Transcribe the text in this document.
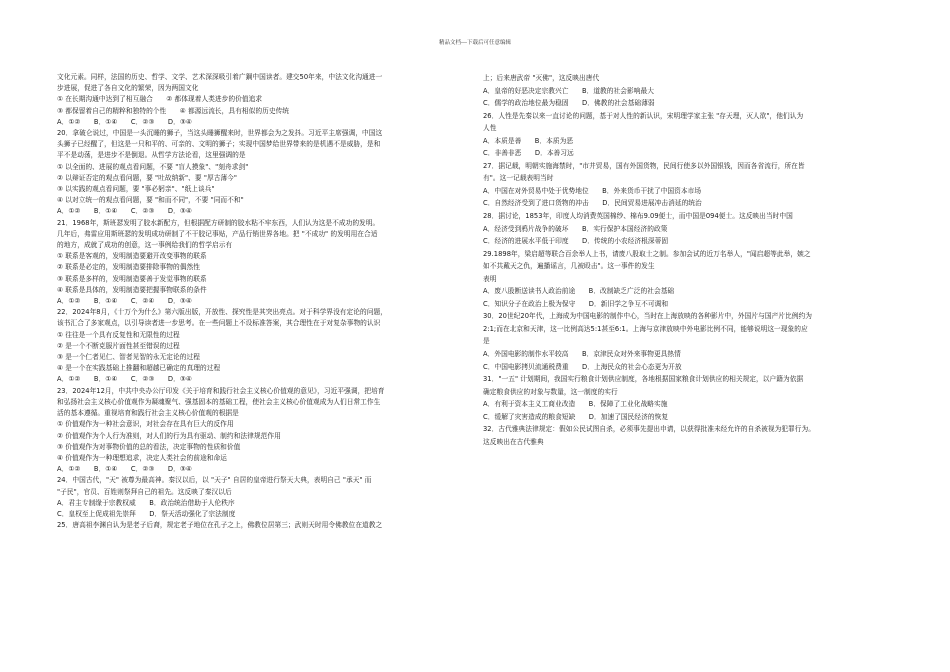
精品文档---下载后可任意编辑
文化元素。同样，法国的历史、哲学、文学、艺术深深吸引着广鋼中国读者。建交50年来，中法文化沟通进一
步进展，促进了各自文化的繁荣，因为两国文化
① 在长期沟通中达到了相互融合　　② 都体现着人类进步的价值追求
③ 都保留着自己的精粹和独特的个性　　④ 都源远流长，具有相似的历史传统
A．①②　　B．①④　　C．②③　　D．③④
20．拿破仑说过，中国是一头沉睡的狮子，当这头睡狮醒来时，世界都会为之发抖。习近平主席强调，中国这
头狮子已经醒了，但这是一只和平的、可亲的、文明的狮子；实现中国梦给世界带来的是机遇不是威胁，是和
平不是动荡，是进步不是倒退。从哲学方法论看，这里强调的是
① 以全面的、进展的观点看问题，不要 "盲人摸象"、"刻舟求剑"
② 以辩证否定的观点看问题，要 "吐故纳新"、要 "厚古薄今"
③ 以实践的观点看问题，要 "事必躬亲"、"纸上谈兵"
④ 以对立统一的观点看问题，要 "和而不同"，不要 "同而不和"
A．①②　　B．①④　　C．②③　　D．③④
21．1968年，斯班瑟发明了胶水新配方，但根据配方研制的胶水粘不牢东西，人们认为这是不成功的发明。
几年后，弗雷应用斯班瑟的发明成功研制了不干胶记事贴，产品行销世界各地。把 "不成功" 的发明用在合适
的地方，成就了成功的创意，这一事例给我们的哲学启示有
① 联系是客观的，发明制造要避开改变事物的联系
② 联系是必定的，发明制造要排除事物的偶然性
③ 联系是多样的，发明制造要善于发觉事物的联系
④ 联系是具体的，发明制造要把握事物联系的条件
A．①②　　B．①④　　C．②④　　D．③④
22．2024年8月，《十万个为什么》第六版出版，开放性、探究性是其突出亮点。对于科学界没有定论的问题，
该书汇合了多家观点，以引导读者进一步思考。在一些问题上不设标准答案，其合理性在于对复杂事物的认识
① 往往是一个具有反复性和无限性的过程
② 是一个不断克服片面性甚至错误的过程
③ 是一个仁者见仁、智者见智的永无定论的过程
④ 是一个在实践基础上推翻和超越已确定的真理的过程
A．①②　　B．①④　　C．②③　　D．③④
23．2024年12月，中共中央办公厅印发《关于培育和践行社会主义核心价值观的意见》，习近平强调，把培育
和弘扬社会主义核心价值观作为凝魂聚气、强基固本的基础工程，使社会主义核心价值观成为人们日常工作生
活的基本遵循。重视培育和践行社会主义核心价值观的根据是
① 价值观作为一种社会意识，对社会存在具有巨大的反作用
② 价值观作为个人行为准则，对人们的行为具有驱动、制约和法律规范作用
③ 价值观作为对事物价值的总的看法，决定事物的性质和价值
④ 价值观作为一种理想追求，决定人类社会的前途和命运
A．①②　　B．①④　　C．②③　　D．③④
24．中国古代，"天" 被尊为最高神。秦汉以后，以 "天子" 自居的皇帝进行祭天大典，表明自己 "承天" 而
"子民"，官员、百姓则祭拜自己的祖先。这反映了秦汉以后
A．君主专制缘于宗教权威　　B．政治统治借助于人伦秩序
C．皇权至上促成祖先崇拜　　D．祭天活动强化了宗法制度
25．唐高祖李渊自认为是老子后裔，规定老子地位在孔子之上，佛教位居第三；武则天时用令佛教位在道教之
上；后来唐武帝 "灭佛"，这反映出唐代
A．皇帝的好恶决定宗教兴亡　　B．道教的社会影响最大
C．儒学的政治地位最为稳固　　D．佛教的社会基础薄弱
26．人性是先秦以来一直讨论的问题，基于对人性的新认识，宋明理学家主张 "存天理，灭人欲"，他们认为
人性
A．本质是善　　B．本质为恶
C．非善非恶　　D．本善习远
27．据记载，明朝实施海禁时，"市井贸易，国有外国货物，民间行使多以外国银钱，因而各省流行，所在皆
有"。这一记载表明当时
A．中国在对外贸易中处于优势地位　　B．外来货币干扰了中国资本市场
C．自然经济受到了进口货物的冲击　　D．民间贸易进展冲击消延的统治
28．据讨论，1853年，印度人均消费英国棉纱、棉布9.09便士，而中国是094便士。这反映出当时中国
A．经济受到鸦片战争的破坏　　B．实行保护本国经济的政策
C．经济的进展水平低于印度　　D．传统的小农经济根深蒂固
29.1898年，梁启超等联合百余举人上书，请废八股取士之制。参加会试的近万名举人，"闻启超等此举，嫉之
如不共戴天之仇，遍播谣言，几被殴击"。这一事件的发生
表明
A．废八股断送读书人政治前途　　B．改制缺乏广泛的社会基础
C．知识分子在政治上极为保守　　D．新旧学之争互不可调和
30．20世纪20年代，上海成为中国电影的制作中心，当时在上海放映的各种影片中，外国片与国产片比例约为
2:1;而在北京和天津，这一比例高达5:1甚至6:1。上海与京津放映中外电影比例不同，能够说明这一现象的应
是
A．外国电影的制作水平较高　　B．京津民众对外来事物更具热情
C．中国电影拷贝流通税费重　　D．上海民众的社会心态更为开放
31．"一五" 计划期间，我国实行粮食计划供应制度，各地根据国家粮食计划供应的相关规定，以户籍为依据
确定粮食供应的对象与数量，这一制度的实行
A．有利于资本主义工商业改造　　B．保障了工业化战略实施
C．缓解了灾害造成的粮食短缺　　D．加速了国民经济的恢复
32．古代雅典法律规定：假如公民试图自杀，必须事先提出申请，以获得批准未经允许的自杀被视为犯罪行为。
这反映出在古代雅典
